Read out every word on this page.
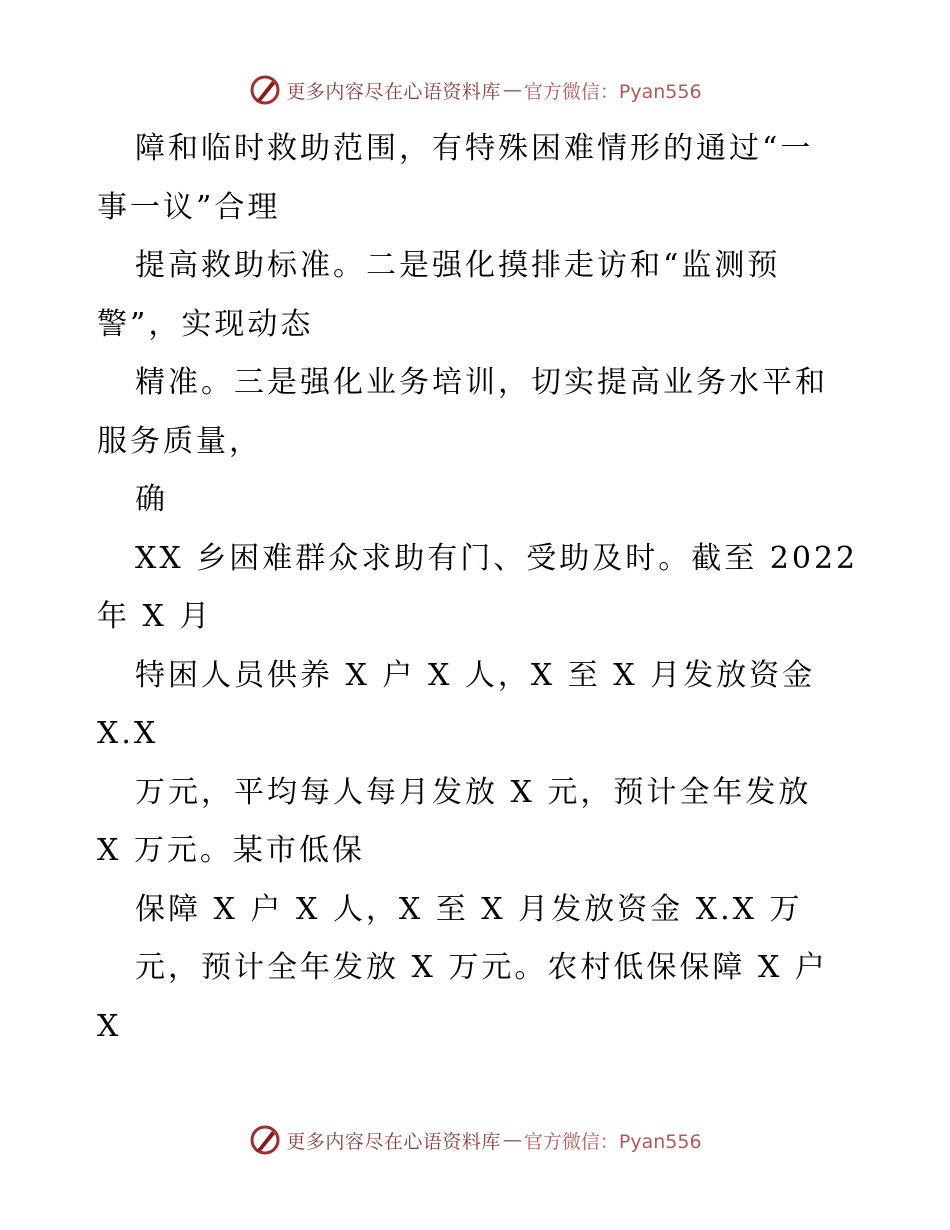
更多内容尽在心语资料库 — 官方微信：Pyan556
障和临时救助范围，有特殊困难情形的通过“一
事一议”合理
提高救助标准。二是强化摸排走访和“监测预
警”，实现动态
精准。三是强化业务培训，切实提高业务水平和
服务质量，
确
XX 乡困难群众求助有门、受助及时。截至 2022
年 X 月
特困人员供养 X 户 X 人，X 至 X 月发放资金
X.X
万元，平均每人每月发放 X 元，预计全年发放
X 万元。某市低保
保障 X 户 X 人，X 至 X 月发放资金 X.X 万
元，预计全年发放 X 万元。农村低保保障 X 户
X
更多内容尽在心语资料库 — 官方微信：Pyan556
